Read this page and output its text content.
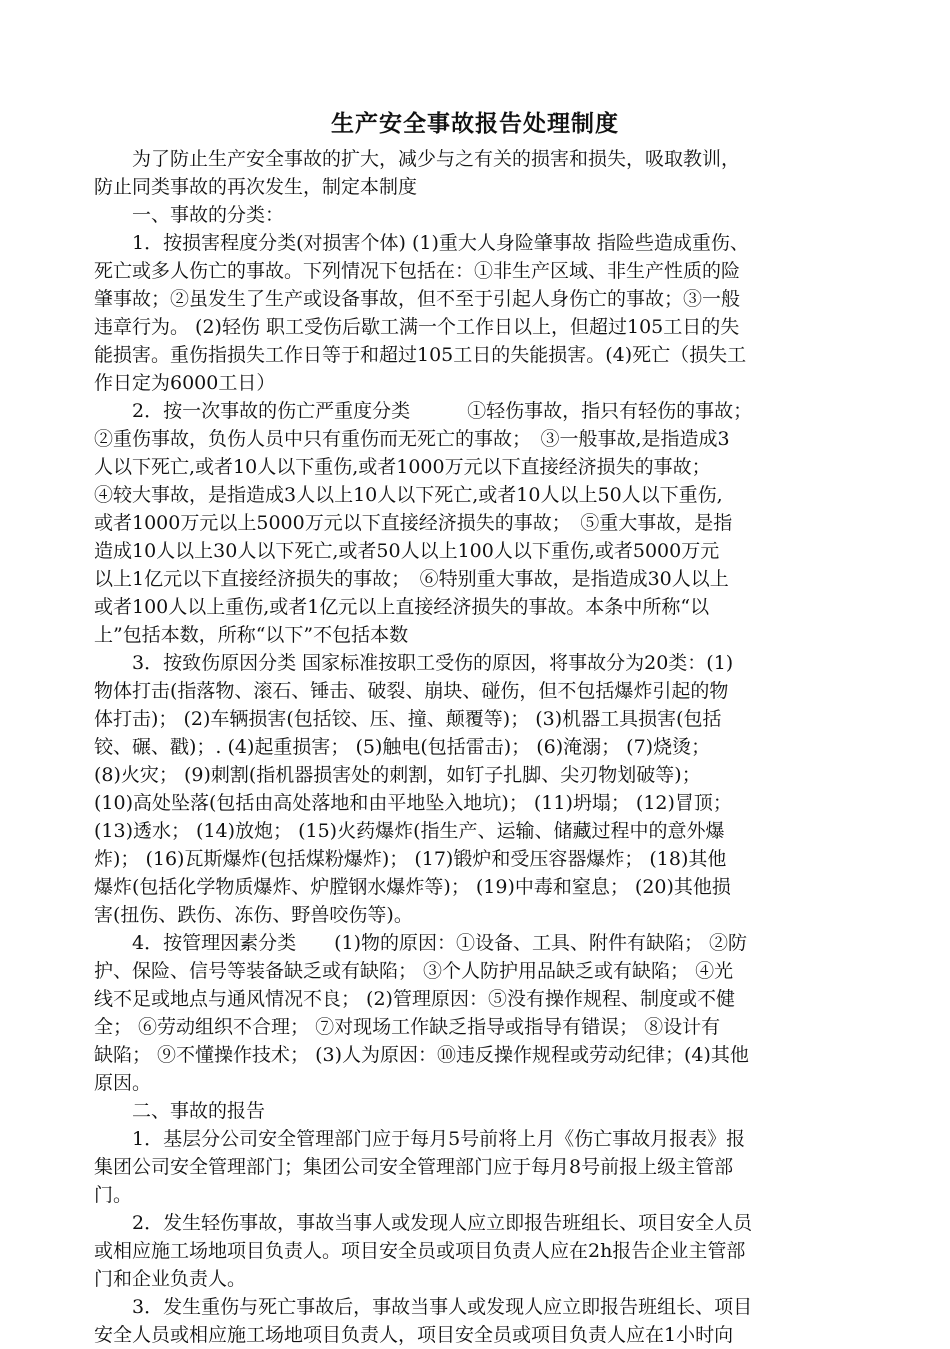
生产安全事故报告处理制度
　　为了防止生产安全事故的扩大，减少与之有关的损害和损失，吸取教训，
防止同类事故的再次发生，制定本制度
　　一、事故的分类：
　　1．按损害程度分类(对损害个体) (1)重大人身险肇事故 指险些造成重伤、
死亡或多人伤亡的事故。下列情况下包括在：①非生产区域、非生产性质的险
肇事故；②虽发生了生产或设备事故，但不至于引起人身伤亡的事故；③一般
违章行为。 (2)轻伤 职工受伤后歇工满一个工作日以上，但超过105工日的失
能损害。重伤指损失工作日等于和超过105工日的失能损害。(4)死亡（损失工
作日定为6000工日）
　　2．按一次事故的伤亡严重度分类　　　①轻伤事故，指只有轻伤的事故；
②重伤事故，负伤人员中只有重伤而无死亡的事故；　③一般事故,是指造成3
人以下死亡,或者10人以下重伤,或者1000万元以下直接经济损失的事故；
④较大事故，是指造成3人以上10人以下死亡,或者10人以上50人以下重伤,
或者1000万元以上5000万元以下直接经济损失的事故；　⑤重大事故，是指
造成10人以上30人以下死亡,或者50人以上100人以下重伤,或者5000万元
以上1亿元以下直接经济损失的事故；　⑥特别重大事故，是指造成30人以上
或者100人以上重伤,或者1亿元以上直接经济损失的事故。本条中所称“以
上”包括本数，所称“以下”不包括本数
　　3．按致伤原因分类 国家标准按职工受伤的原因，将事故分为20类：(1)
物体打击(指落物、滚石、锤击、破裂、崩块、碰伤，但不包括爆炸引起的物
体打击)； (2)车辆损害(包括铰、压、撞、颠覆等)； (3)机器工具损害(包括
铰、碾、戳)；. (4)起重损害； (5)触电(包括雷击)； (6)淹溺； (7)烧烫；
(8)火灾； (9)刺割(指机器损害处的刺割，如钉子扎脚、尖刃物划破等)；
(10)高处坠落(包括由高处落地和由平地坠入地坑)； (11)坍塌； (12)冒顶；
(13)透水； (14)放炮； (15)火药爆炸(指生产、运输、储藏过程中的意外爆
炸)； (16)瓦斯爆炸(包括煤粉爆炸)； (17)锻炉和受压容器爆炸； (18)其他
爆炸(包括化学物质爆炸、炉膛钢水爆炸等)； (19)中毒和窒息； (20)其他损
害(扭伤、跌伤、冻伤、野兽咬伤等)。
　　4．按管理因素分类　　(1)物的原因：①设备、工具、附件有缺陷； ②防
护、保险、信号等装备缺乏或有缺陷； ③个人防护用品缺乏或有缺陷； ④光
线不足或地点与通风情况不良； (2)管理原因：⑤没有操作规程、制度或不健
全； ⑥劳动组织不合理； ⑦对现场工作缺乏指导或指导有错误； ⑧设计有
缺陷； ⑨不懂操作技术； (3)人为原因：⑩违反操作规程或劳动纪律；(4)其他
原因。
　　二、事故的报告
　　1．基层分公司安全管理部门应于每月5号前将上月《伤亡事故月报表》报
集团公司安全管理部门；集团公司安全管理部门应于每月8号前报上级主管部
门。
　　2．发生轻伤事故，事故当事人或发现人应立即报告班组长、项目安全人员
或相应施工场地项目负责人。项目安全员或项目负责人应在2h报告企业主管部
门和企业负责人。
　　3．发生重伤与死亡事故后，事故当事人或发现人应立即报告班组长、项目
安全人员或相应施工场地项目负责人，项目安全员或项目负责人应在1小时向
